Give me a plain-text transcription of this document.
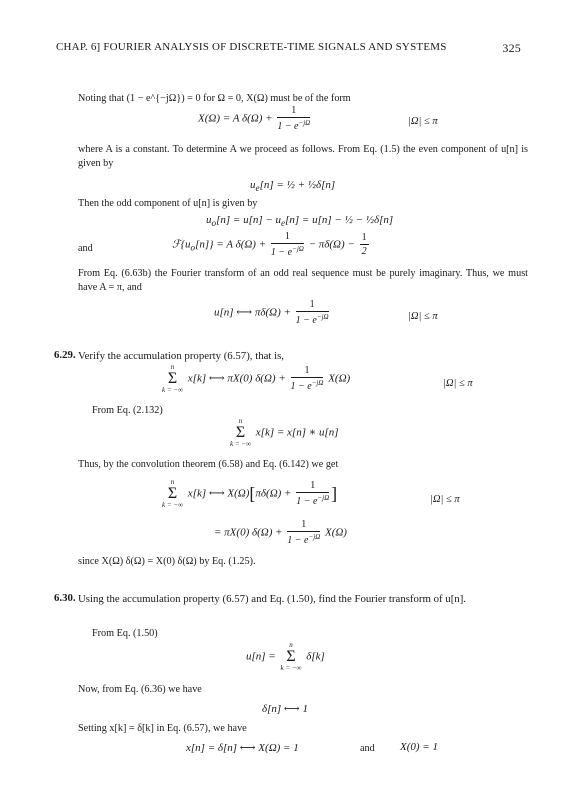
CHAP. 6] FOURIER ANALYSIS OF DISCRETE-TIME SIGNALS AND SYSTEMS	325
Noting that (1 − e^{−jΩ}) = 0 for Ω = 0, X(Ω) must be of the form
X(Ω) = A $\delta(\Omega) + \frac{1}{1 - e^{-j\Omega}}$	|Ω| ≤ π
where A is a constant. To determine A we proceed as follows. From Eq. (1.5) the even component of u[n] is given by
$u_e[n]$ = ½ + ½δ[n]
Then the odd component of u[n] is given by
$u_o[n] = u[n] - u_e[n] = u[n]$ − ½ − ½δ[n]
and	$ℱ\{u_o[n]\} = A$ $\delta(\Omega) + \frac{1}{1 - e^{-j\Omega}} - \pi\delta(\Omega) - \frac{1}{2}$
From Eq. (6.63b) the Fourier transform of an odd real sequence must be purely imaginary. Thus, we must have A = π, and
u[n] ⟷ $\pi\delta(\Omega) + \frac{1}{1 - e^{-j\Omega}}$	|Ω| ≤ π
6.29. Verify the accumulation property (6.57), that is,
n
Σ
k = −∞
x[k] ⟷ πX(0) $\delta(\Omega) + \frac{1}{1 - e^{-j\Omega}} X(\Omega)$	|Ω| ≤ π
From Eq. (2.132)
n
Σ
k = −∞
x[k] = x[n] ∗ u[n]
Thus, by the convolution theorem (6.58) and Eq. (6.142) we get
n
Σ
k = −∞
x[k] ⟷ $X(\Omega)[\pi\delta(\Omega) + \frac{1}{1 - e^{-j\Omega}}$ ]	|Ω| ≤ π
= πX(0) $\delta(\Omega) + \frac{1}{1 - e^{-j\Omega}} X(\Omega)$
since X(Ω) δ(Ω) = X(0) δ(Ω) by Eq. (1.25).
6.30. Using the accumulation property (6.57) and Eq. (1.50), find the Fourier transform of u[n].
From Eq. (1.50)
u[n] =
n
Σ
k = −∞
δ[k]
Now, from Eq. (6.36) we have
δ[n] ⟷ 1
Setting x[k] = δ[k] in Eq. (6.57), we have
x[n] = δ[n] ⟷ X(Ω) = 1	and X(0) = 1
